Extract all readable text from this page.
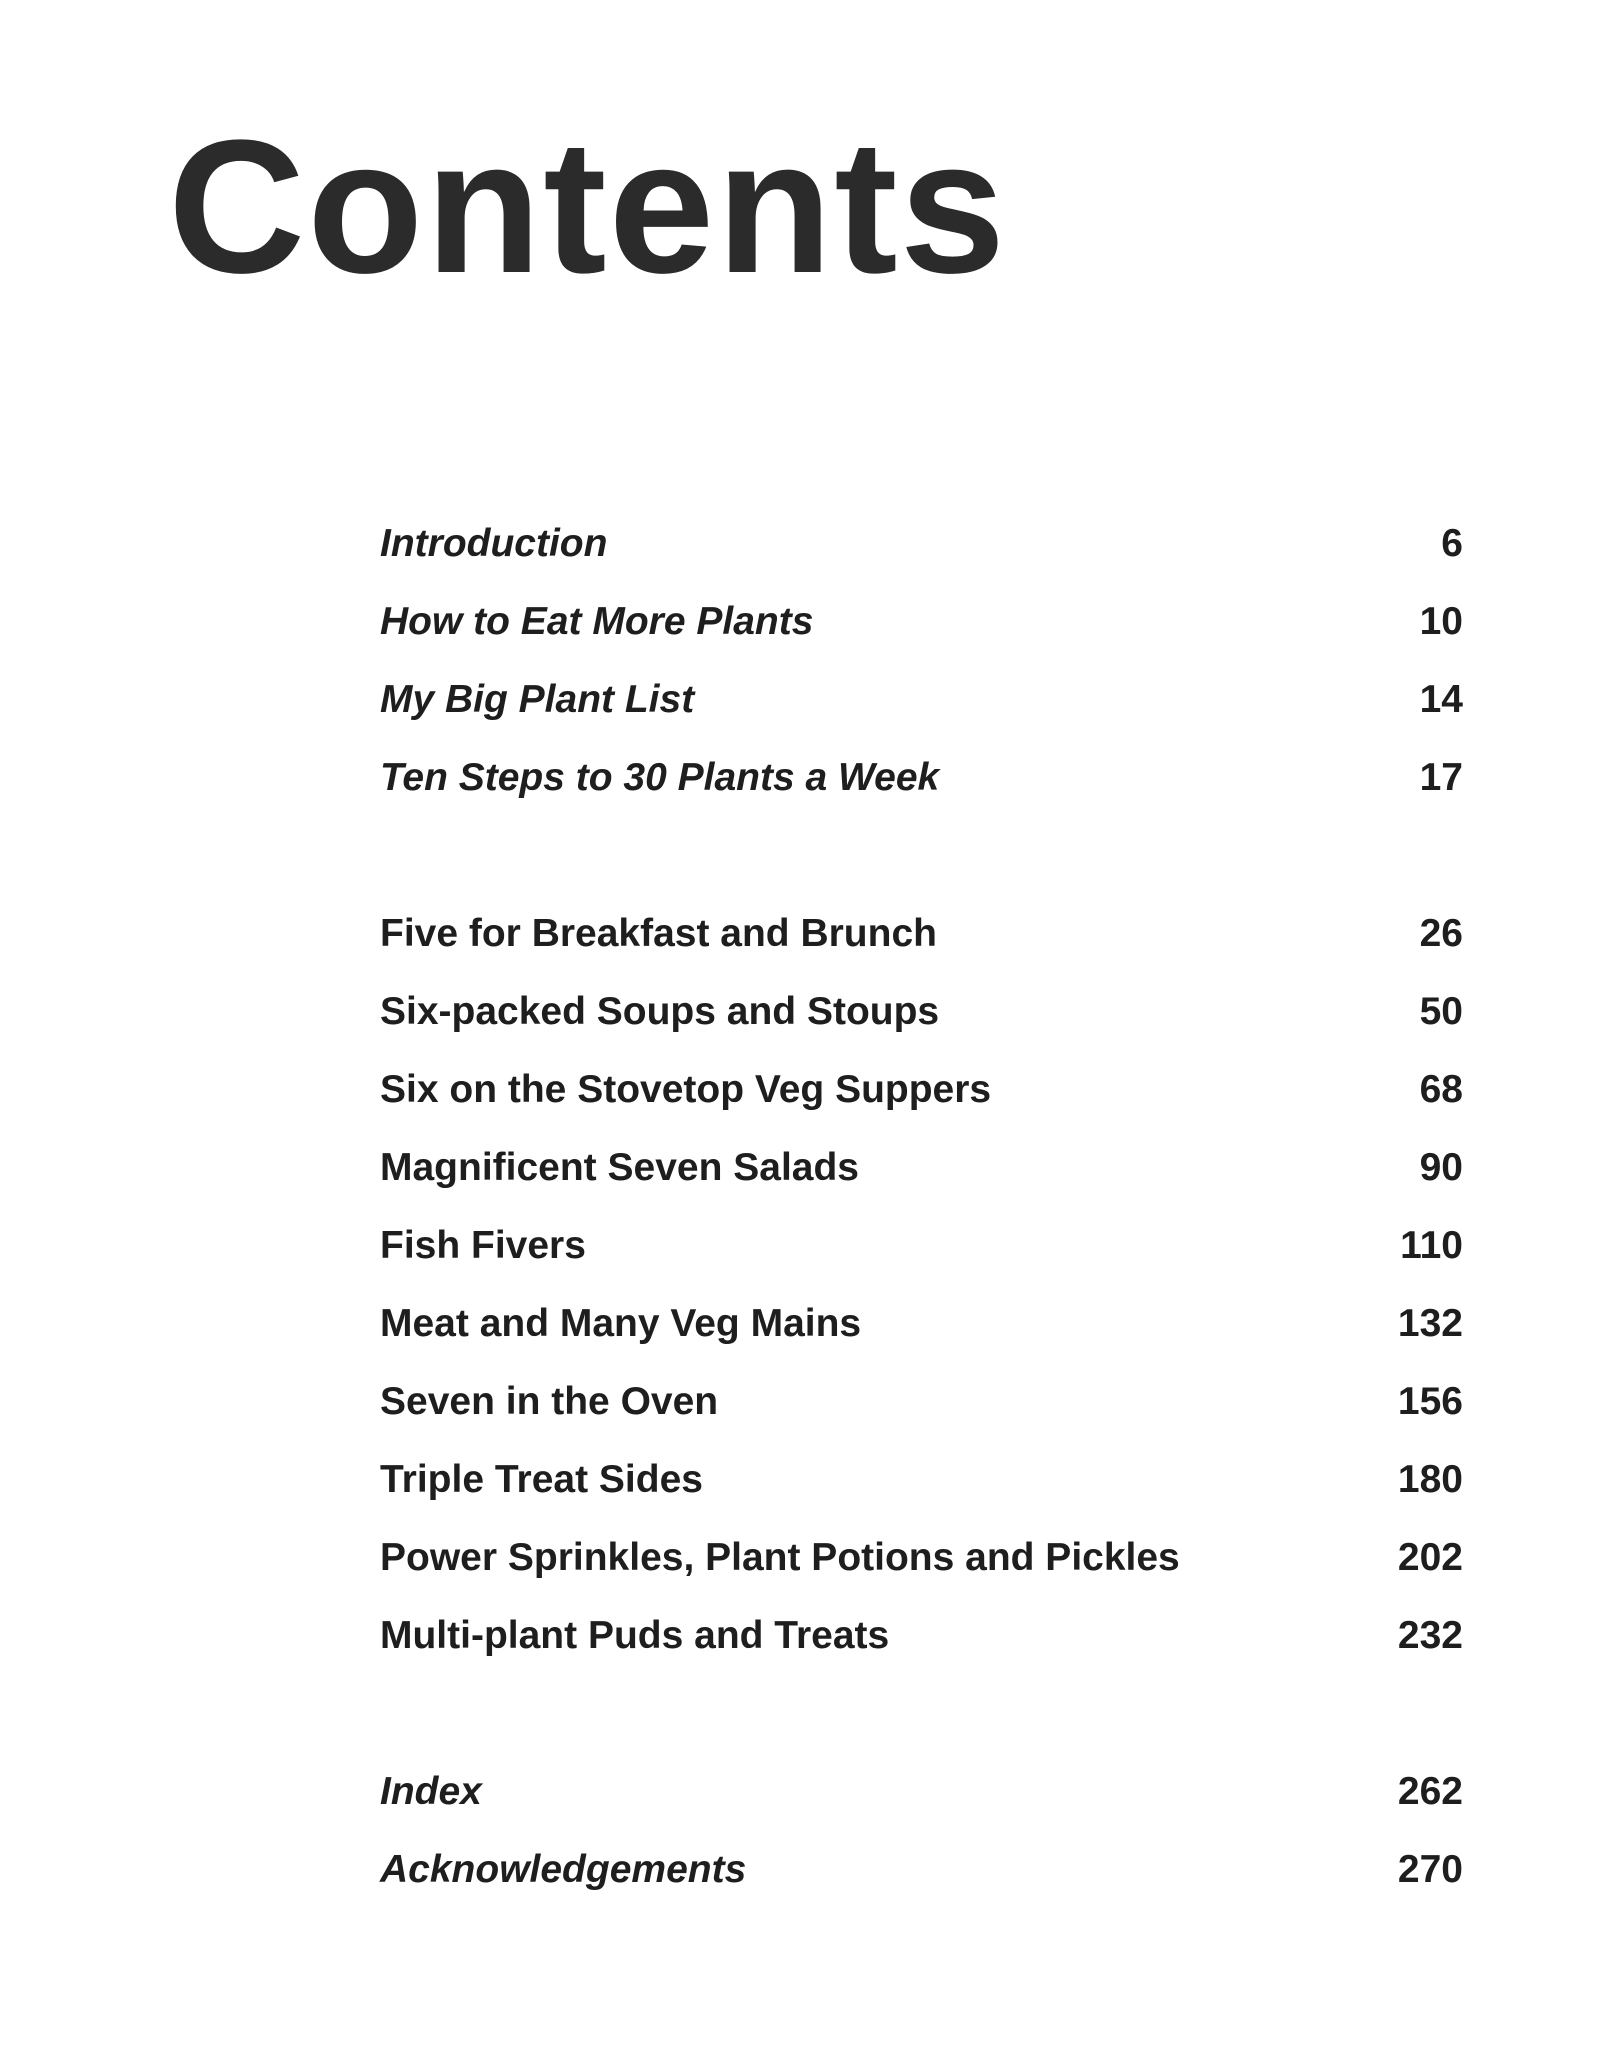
Contents
Introduction	6
How to Eat More Plants	10
My Big Plant List	14
Ten Steps to 30 Plants a Week	17
Five for Breakfast and Brunch	26
Six-packed Soups and Stoups	50
Six on the Stovetop Veg Suppers	68
Magnificent Seven Salads	90
Fish Fivers	110
Meat and Many Veg Mains	132
Seven in the Oven	156
Triple Treat Sides	180
Power Sprinkles, Plant Potions and Pickles	202
Multi-plant Puds and Treats	232
Index	262
Acknowledgements	270
